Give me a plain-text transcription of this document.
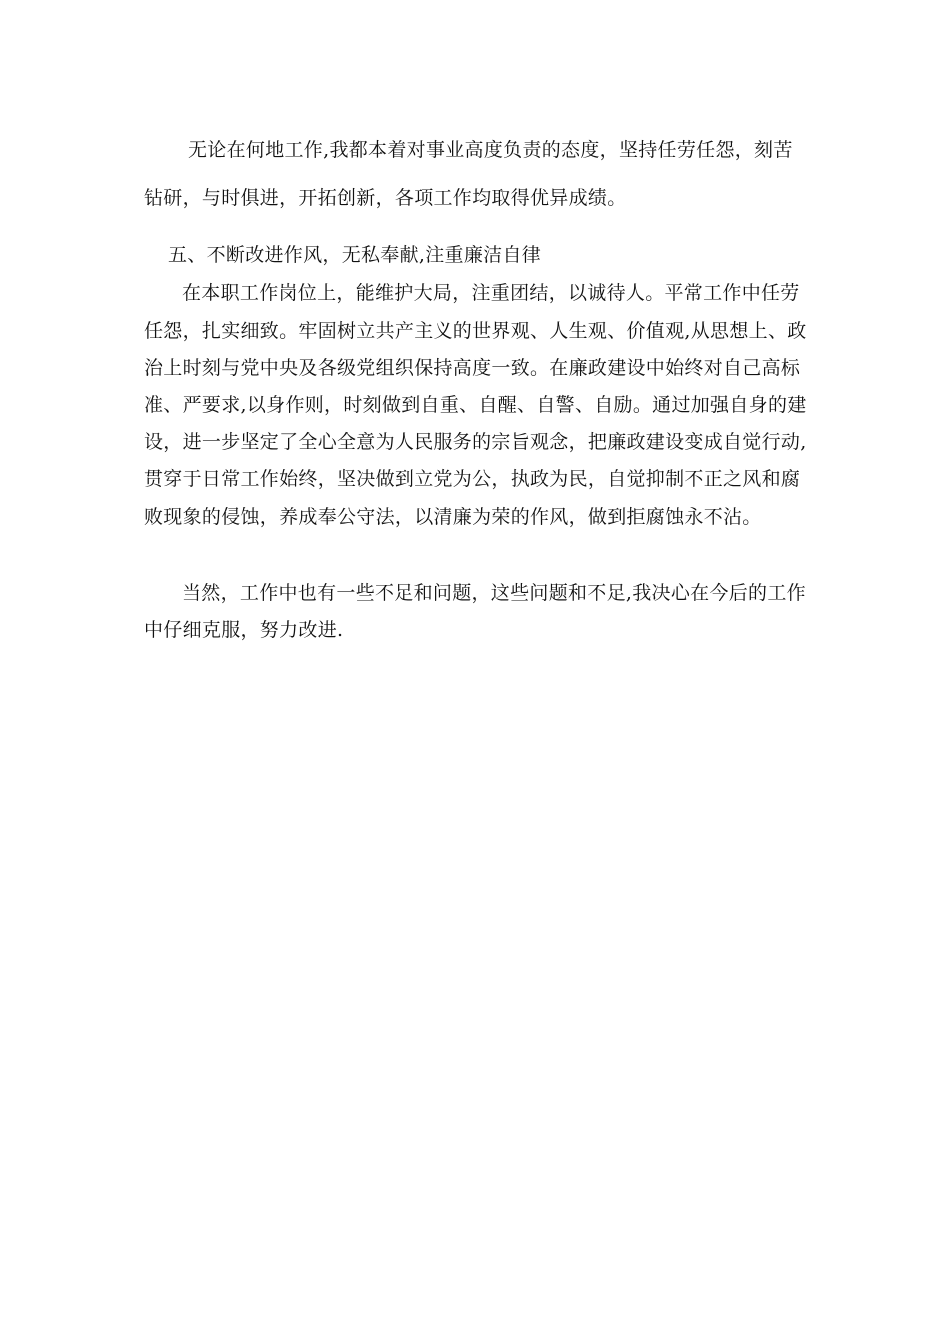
无论在何地工作,我都本着对事业高度负责的态度，坚持任劳任怨，刻苦
钻研，与时俱进，开拓创新，各项工作均取得优异成绩。
五、不断改进作风，无私奉献,注重廉洁自律
在本职工作岗位上，能维护大局，注重团结，以诚待人。平常工作中任劳
任怨，扎实细致。牢固树立共产主义的世界观、人生观、价值观,从思想上、政
治上时刻与党中央及各级党组织保持高度一致。在廉政建设中始终对自己高标
准、严要求,以身作则，时刻做到自重、自醒、自警、自励。通过加强自身的建
设，进一步坚定了全心全意为人民服务的宗旨观念，把廉政建设变成自觉行动,
贯穿于日常工作始终，坚决做到立党为公，执政为民，自觉抑制不正之风和腐
败现象的侵蚀，养成奉公守法，以清廉为荣的作风，做到拒腐蚀永不沾。
当然，工作中也有一些不足和问题，这些问题和不足,我决心在今后的工作
中仔细克服，努力改进.
